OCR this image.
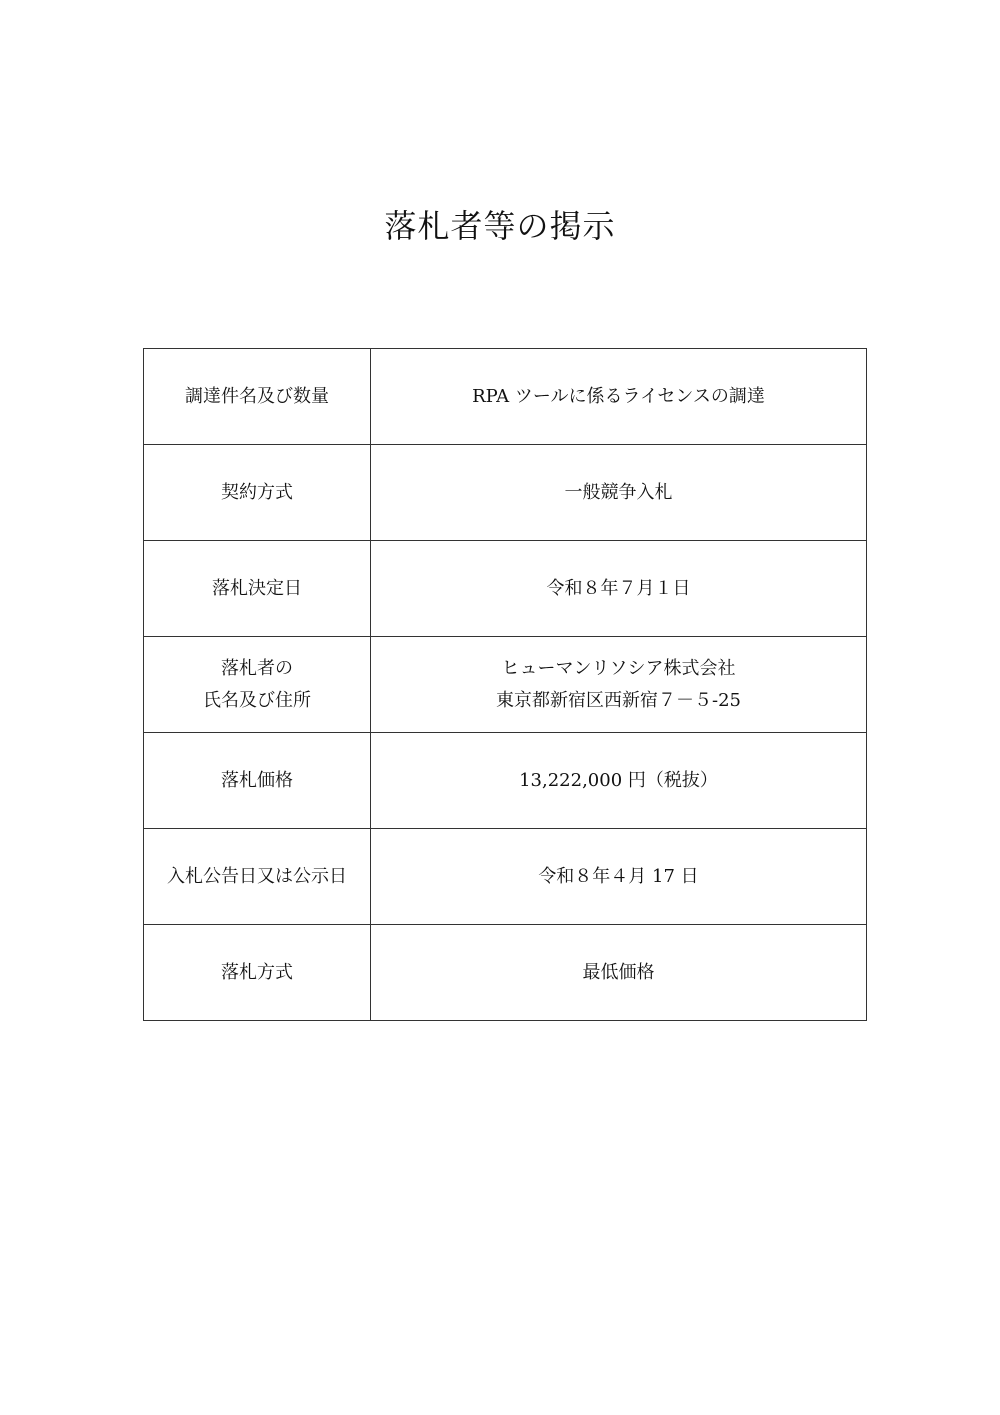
落札者等の掲示
調達件名及び数量	RPA ツールに係るライセンスの調達
契約方式	一般競争入札
落札決定日	令和８年７月１日

落札者の
氏名及び住所	ヒューマンリソシア株式会社
東京都新宿区西新宿７－５-25

落札価格	13,222,000 円（税抜）
入札公告日又は公示日	令和８年４月 17 日
落札方式	最低価格
